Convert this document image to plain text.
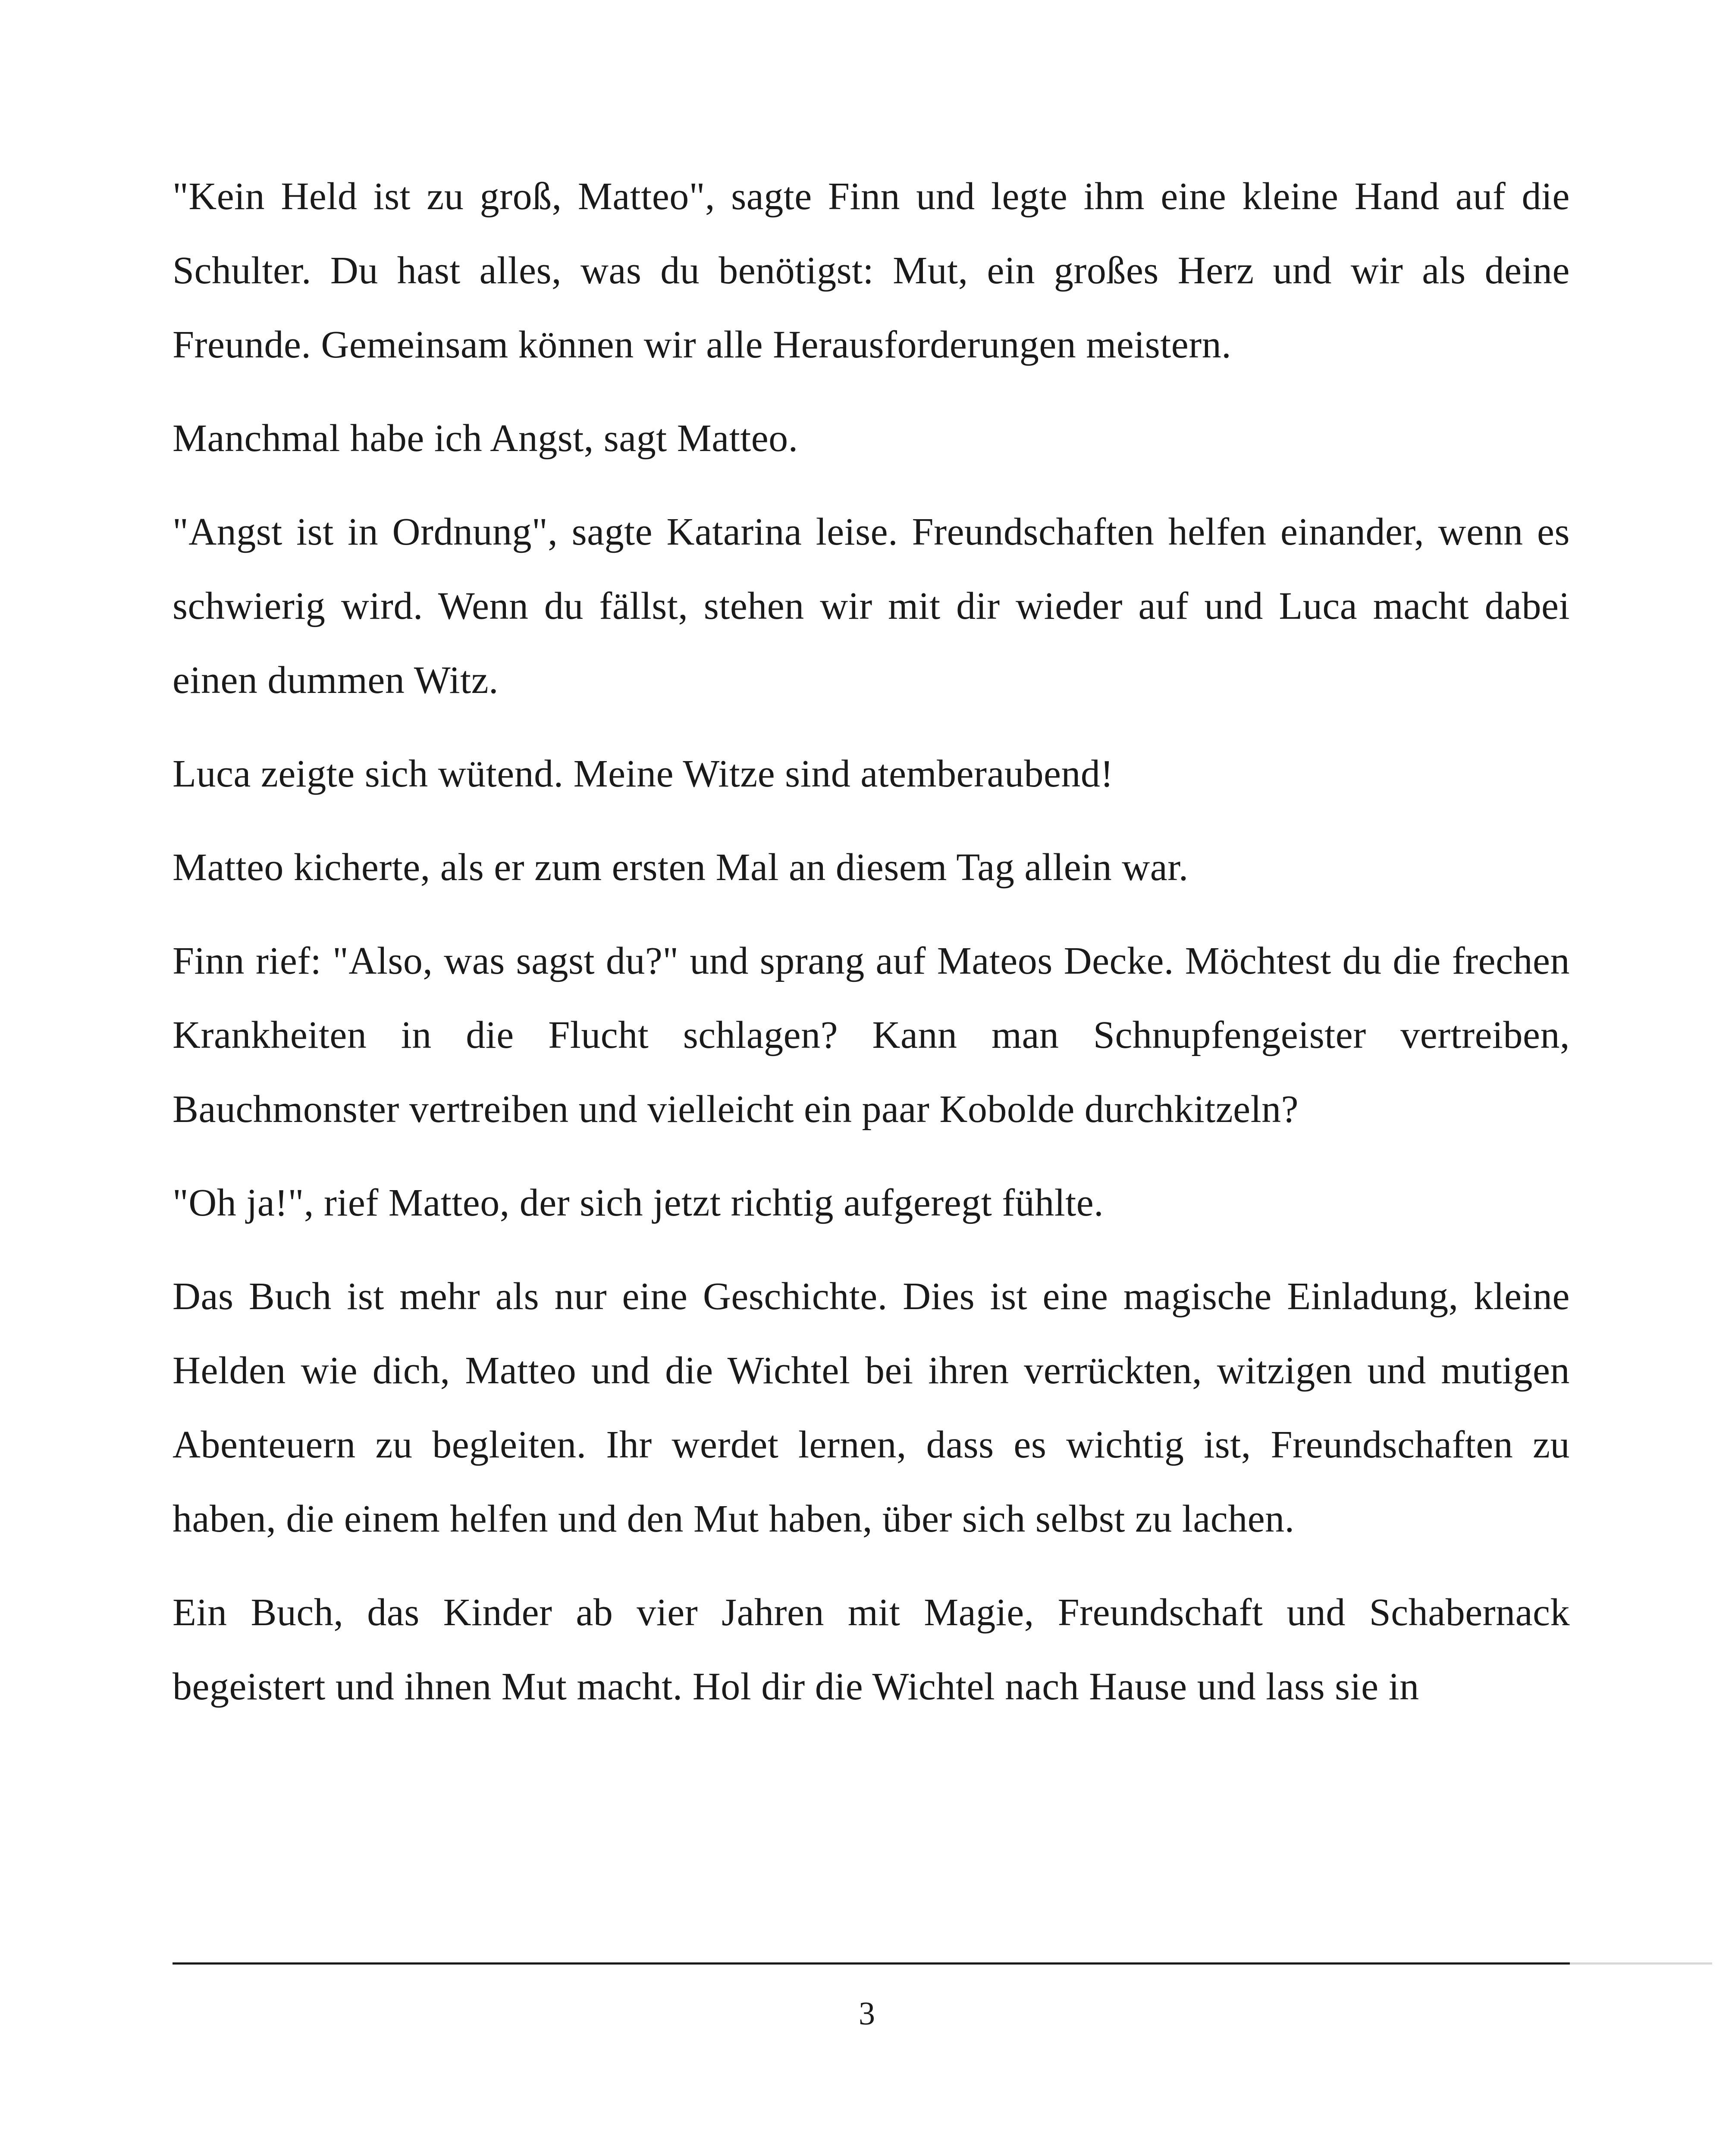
"Kein Held ist zu groß, Matteo", sagte Finn und legte ihm eine kleine Hand auf die Schulter. Du hast alles, was du benötigst: Mut, ein großes Herz und wir als deine Freunde. Gemeinsam können wir alle Herausforderungen meistern.

Manchmal habe ich Angst, sagt Matteo.

"Angst ist in Ordnung", sagte Katarina leise. Freundschaften helfen einander, wenn es schwierig wird. Wenn du fällst, stehen wir mit dir wieder auf und Luca macht dabei einen dummen Witz.

Luca zeigte sich wütend. Meine Witze sind atemberaubend!

Matteo kicherte, als er zum ersten Mal an diesem Tag allein war.

Finn rief: "Also, was sagst du?" und sprang auf Mateos Decke. Möchtest du die frechen Krankheiten in die Flucht schlagen? Kann man Schnupfengeister vertreiben, Bauchmonster vertreiben und vielleicht ein paar Kobolde durchkitzeln?

"Oh ja!", rief Matteo, der sich jetzt richtig aufgeregt fühlte.

Das Buch ist mehr als nur eine Geschichte. Dies ist eine magische Einladung, kleine Helden wie dich, Matteo und die Wichtel bei ihren verrückten, witzigen und mutigen Abenteuern zu begleiten. Ihr werdet lernen, dass es wichtig ist, Freundschaften zu haben, die einem helfen und den Mut haben, über sich selbst zu lachen.

Ein Buch, das Kinder ab vier Jahren mit Magie, Freundschaft und Schabernack begeistert und ihnen Mut macht. Hol dir die Wichtel nach Hause und lass sie in

3
